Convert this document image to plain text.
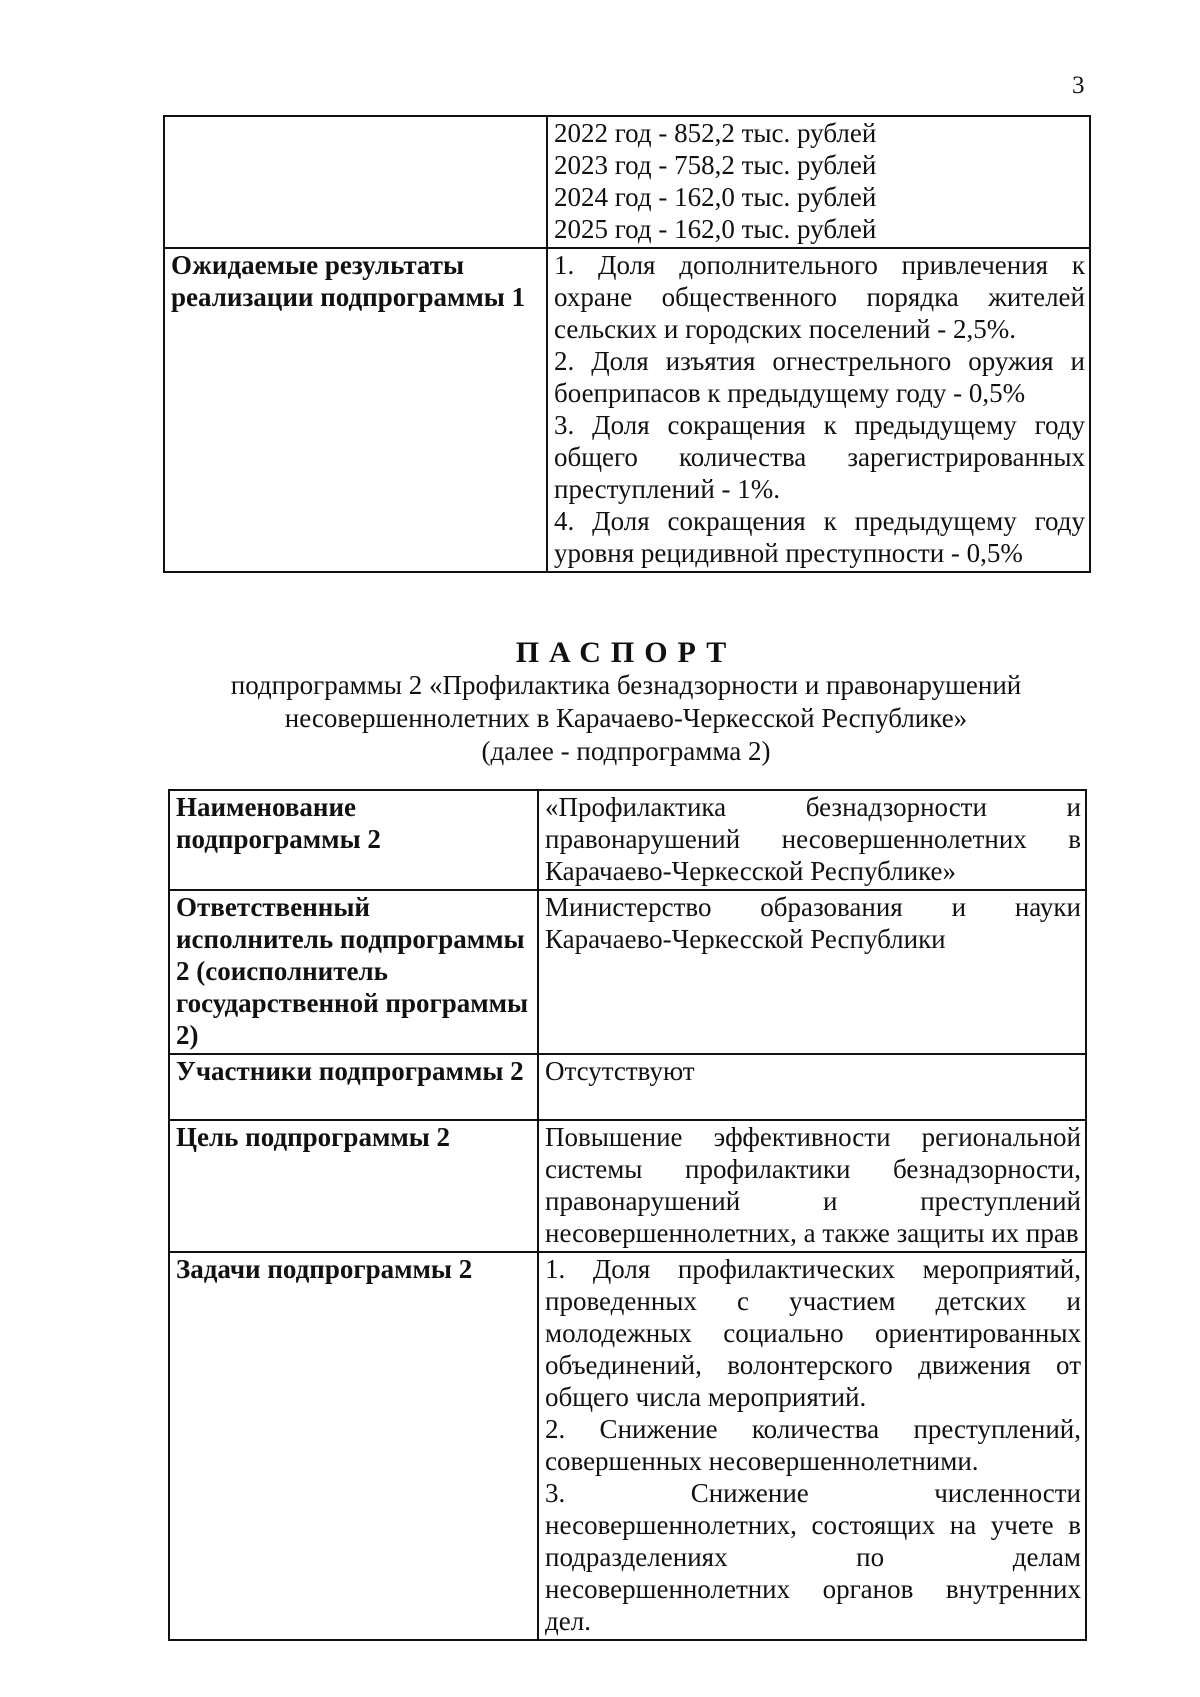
3

	2022 год - 852,2 тыс. рублей
2023 год - 758,2 тыс. рублей
2024 год - 162,0 тыс. рублей
2025 год - 162,0 тыс. рублей

Ожидаемые результаты реализации подпрограммы 1	1. Доля дополнительного привлечения к охране общественного порядка жителей сельских и городских поселений - 2,5%.
2. Доля изъятия огнестрельного оружия и боеприпасов к предыдущему году - 0,5%
3. Доля сокращения к предыдущему году общего количества зарегистрированных преступлений - 1%.
4. Доля сокращения к предыдущему году уровня рецидивной преступности - 0,5%
ПАСПОРТ
подпрограммы 2 «Профилактика безнадзорности и правонарушений
несовершеннолетних в Карачаево-Черкесской Республике»
(далее - подпрограмма 2)
Наименование подпрограммы 2	«Профилактика безнадзорности и правонарушений несовершеннолетних в Карачаево-Черкесской Республике»
Ответственный исполнитель подпрограммы 2 (соисполнитель государственной программы 2)	Министерство образования и науки Карачаево-Черкесской Республики
Участники подпрограммы 2	Отсутствуют
Цель подпрограммы 2	Повышение эффективности региональной системы профилактики безнадзорности, правонарушений и преступлений несовершеннолетних, а также защиты их прав
Задачи подпрограммы 2	1. Доля профилактических мероприятий, проведенных с участием детских и молодежных социально ориентированных объединений, волонтерского движения от общего числа мероприятий.
2. Снижение количества преступлений, совершенных несовершеннолетними.
3. Снижение численности несовершеннолетних, состоящих на учете в подразделениях по делам несовершеннолетних органов внутренних дел.
